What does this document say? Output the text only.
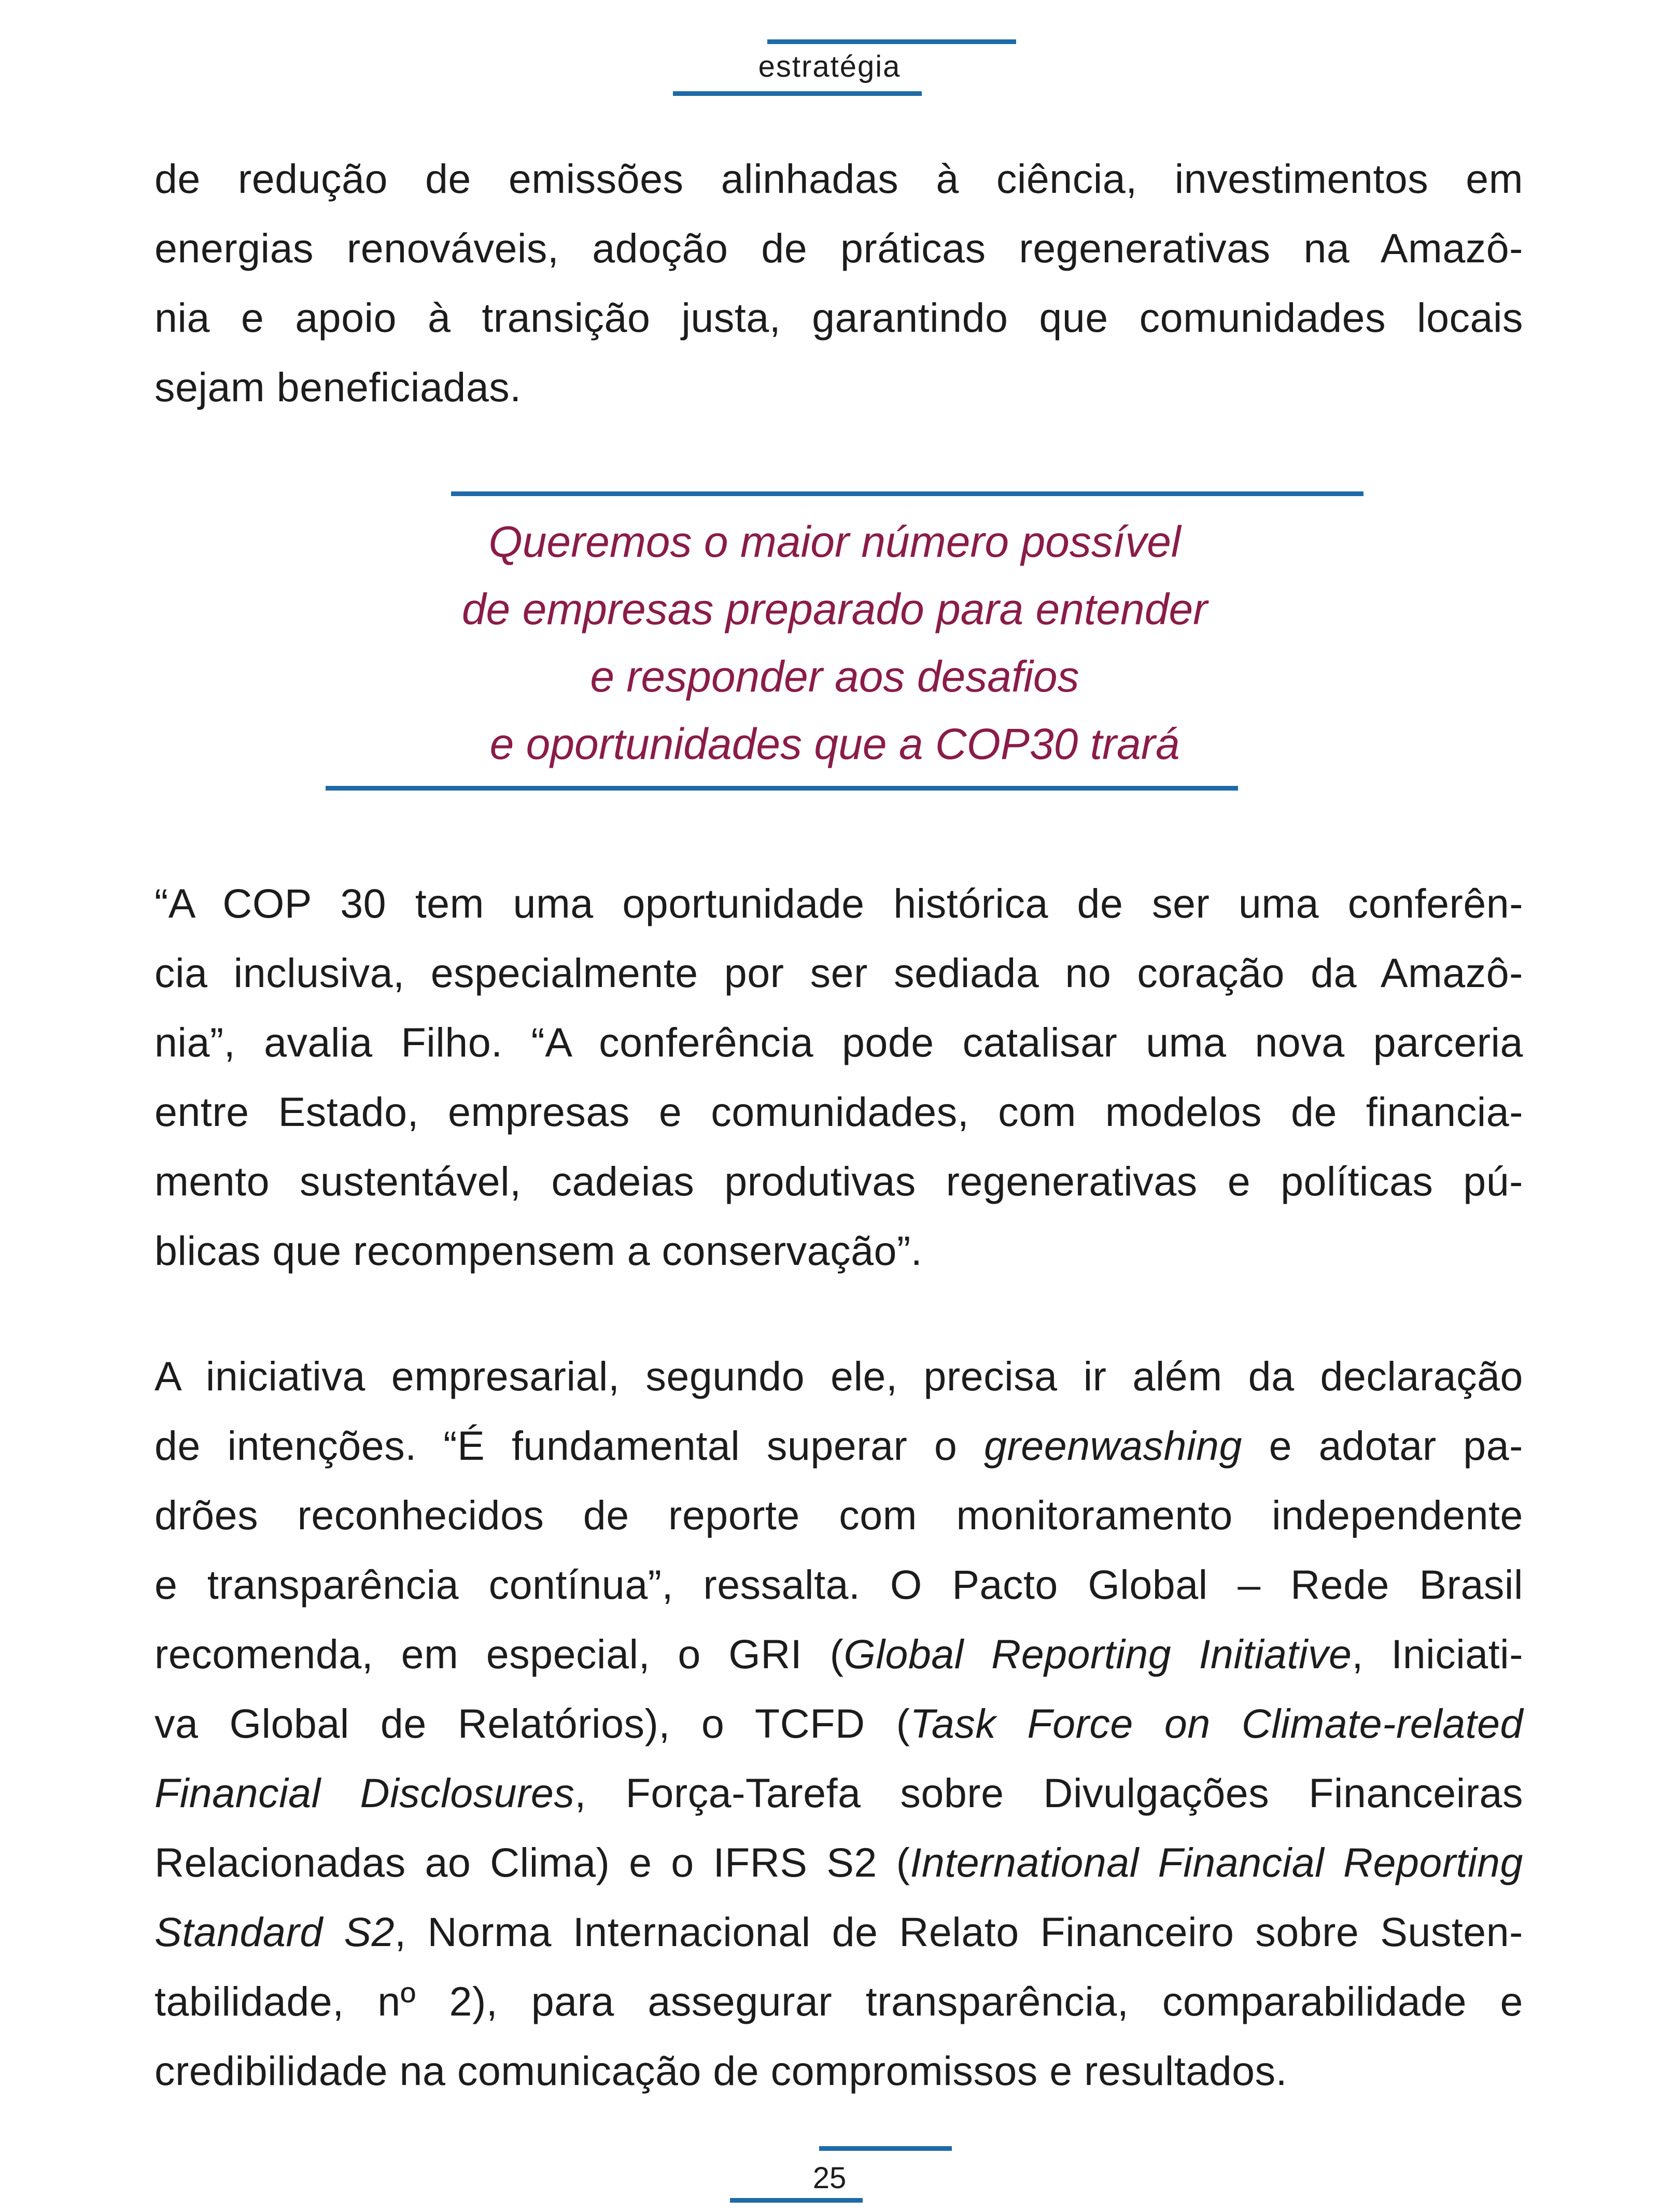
estratégia
de redução de emissões alinhadas à ciência, investimentos em
energias renováveis, adoção de práticas regenerativas na Amazô-
nia e apoio à transição justa, garantindo que comunidades locais
sejam beneficiadas.
Queremos o maior número possível
de empresas preparado para entender
e responder aos desafios
e oportunidades que a COP30 trará
“A COP 30 tem uma oportunidade histórica de ser uma conferên-
cia inclusiva, especialmente por ser sediada no coração da Amazô-
nia”, avalia Filho. “A conferência pode catalisar uma nova parceria
entre Estado, empresas e comunidades, com modelos de financia-
mento sustentável, cadeias produtivas regenerativas e políticas pú-
blicas que recompensem a conservação”.
A iniciativa empresarial, segundo ele, precisa ir além da declaração
de intenções. “É fundamental superar o greenwashing e adotar pa-
drões reconhecidos de reporte com monitoramento independente
e transparência contínua”, ressalta. O Pacto Global – Rede Brasil
recomenda, em especial, o GRI (Global Reporting Initiative, Iniciati-
va Global de Relatórios), o TCFD (Task Force on Climate-related
Financial Disclosures, Força-Tarefa sobre Divulgações Financeiras
Relacionadas ao Clima) e o IFRS S2 (International Financial Reporting
Standard S2, Norma Internacional de Relato Financeiro sobre Susten-
tabilidade, nº 2), para assegurar transparência, comparabilidade e
credibilidade na comunicação de compromissos e resultados.
25
